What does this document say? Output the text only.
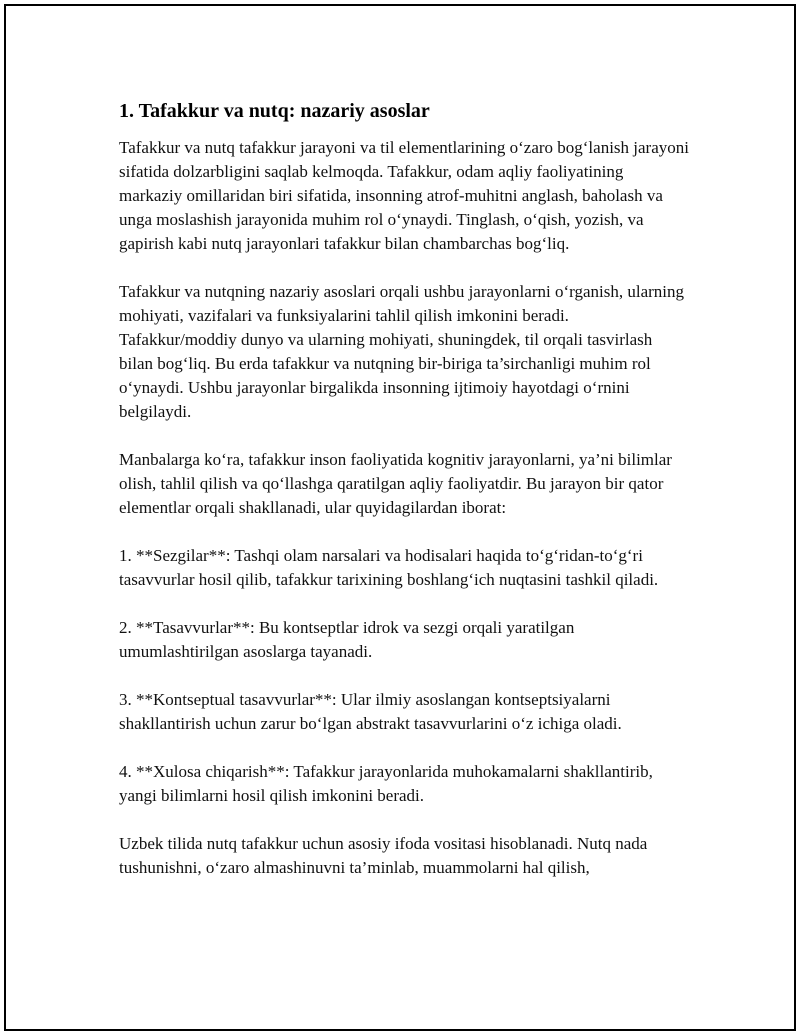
1. Tafakkur va nutq: nazariy asoslar

Tafakkur va nutq tafakkur jarayoni va til elementlarining o‘zaro bog‘lanish jarayoni sifatida dolzarbligini saqlab kelmoqda. Tafakkur, odam aqliy faoliyatining markaziy omillaridan biri sifatida, insonning atrof-muhitni anglash, baholash va unga moslashish jarayonida muhim rol o‘ynaydi. Tinglash, o‘qish, yozish, va gapirish kabi nutq jarayonlari tafakkur bilan chambarchas bog‘liq.

Tafakkur va nutqning nazariy asoslari orqali ushbu jarayonlarni o‘rganish, ularning mohiyati, vazifalari va funksiyalarini tahlil qilish imkonini beradi. Tafakkur/moddiy dunyo va ularning mohiyati, shuningdek, til orqali tasvirlash bilan bog‘liq. Bu erda tafakkur va nutqning bir-biriga ta’sirchanligi muhim rol o‘ynaydi. Ushbu jarayonlar birgalikda insonning ijtimoiy hayotdagi o‘rnini belgilaydi.

Manbalarga ko‘ra, tafakkur inson faoliyatida kognitiv jarayonlarni, ya’ni bilimlar olish, tahlil qilish va qo‘llashga qaratilgan aqliy faoliyatdir. Bu jarayon bir qator elementlar orqali shakllanadi, ular quyidagilardan iborat:

1. **Sezgilar**: Tashqi olam narsalari va hodisalari haqida to‘g‘ridan-to‘g‘ri tasavvurlar hosil qilib, tafakkur tarixining boshlang‘ich nuqtasini tashkil qiladi.

2. **Tasavvurlar**: Bu kontseptlar idrok va sezgi orqali yaratilgan umumlashtirilgan asoslarga tayanadi.

3. **Kontseptual tasavvurlar**: Ular ilmiy asoslangan kontseptsiyalarni shakllantirish uchun zarur bo‘lgan abstrakt tasavvurlarini o‘z ichiga oladi.

4. **Xulosa chiqarish**: Tafakkur jarayonlarida muhokamalarni shakllantirib, yangi bilimlarni hosil qilish imkonini beradi.

Uzbek tilida nutq tafakkur uchun asosiy ifoda vositasi hisoblanadi. Nutq nada tushunishni, o‘zaro almashinuvni ta’minlab, muammolarni hal qilish,
